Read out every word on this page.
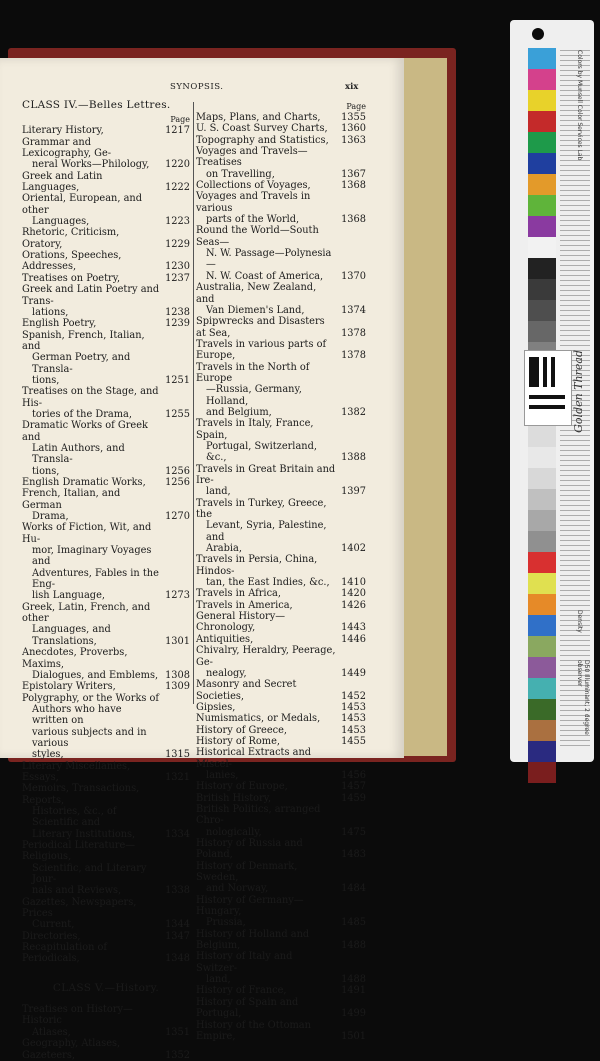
SYNOPSIS.	xix
CLASS IV.—Belles Lettres.
Page
Literary History,	1217
Grammar and Lexicography, Ge-
neral Works—Philology,	1220
Greek and Latin Languages,	1222
Oriental, European, and other
Languages,	1223
Rhetoric, Criticism, Oratory,	1229
Orations, Speeches, Addresses,	1230
Treatises on Poetry,	1237
Greek and Latin Poetry and Trans-
lations,	1238
English Poetry,	1239
Spanish, French, Italian, and
German Poetry, and Transla-
tions,	1251
Treatises on the Stage, and His-
tories of the Drama,	1255
Dramatic Works of Greek and
Latin Authors, and Transla-
tions,	1256
English Dramatic Works,	1256
French, Italian, and German
Drama,	1270
Works of Fiction, Wit, and Hu-
mor, Imaginary Voyages and
Adventures, Fables in the Eng-
lish Language,	1273
Greek, Latin, French, and other
Languages, and Translations,	1301
Anecdotes, Proverbs, Maxims,
Dialogues, and Emblems, 1308
Epistolary Writers,	1309
Polygraphy, or the Works of
Authors who have written on
various subjects and in various
styles,	1315
Literary Miscellanies, Essays,	1321
Memoirs, Transactions, Reports,
Histories, &c., of Scientific and
Literary Institutions,	1334
Periodical Literature—Religious,
Scientific, and Literary Jour-
nals and Reviews,	1338
Gazettes, Newspapers, Prices
Current,	1344
Directories,	1347
Recapitulation of Periodicals,	1348
CLASS V.—History.
Treatises on History—Historic
Atlases,	1351
Geography, Atlases, Gazeteers,	1352
Page
Maps, Plans, and Charts,	1355
U. S. Coast Survey Charts,	1360
Topography and Statistics,	1363
Voyages and Travels—Treatises
on Travelling,	1367
Collections of Voyages,	1368
Voyages and Travels in various
parts of the World,	1368
Round the World—South Seas—
N. W. Passage—Polynesia—
N. W. Coast of America,	1370
Australia, New Zealand, and
Van Diemen's Land,	1374
Spipwrecks and Disasters at Sea,	1378
Travels in various parts of Europe,	1378
Travels in the North of Europe
—Russia, Germany, Holland,
and Belgium,	1382
Travels in Italy, France, Spain,
Portugal, Switzerland, &c.,	1388
Travels in Great Britain and Ire-
land,	1397
Travels in Turkey, Greece, the
Levant, Syria, Palestine, and
Arabia,	1402
Travels in Persia, China, Hindos-
tan, the East Indies, &c.,	1410
Travels in Africa,	1420
Travels in America,	1426
General History—Chronology,	1443
Antiquities,	1446
Chivalry, Heraldry, Peerage, Ge-
nealogy,	1449
Masonry and Secret Societies,	1452
Gipsies,	1453
Numismatics, or Medals,	1453
History of Greece,	1453
History of Rome,	1455
Historical Extracts and Miscel-
lanies,	1456
History of Europe,	1457
British History,	1459
British Politics, arranged Chro-
nologically,	1475
History of Russia and Poland,	1483
History of Denmark, Sweden,
and Norway,	1484
History of Germany—Hungary,
Prussia,	1485
History of Holland and Belgium,	1488
History of Italy and Switzer-
land,	1488
History of France,	1491
History of Spain and Portugal,	1499
History of the Ottoman Empire,	1501
Colors by Munsell Color Services Lab
Density
D50 Illuminant, 2 degree observer
Golden Thread
